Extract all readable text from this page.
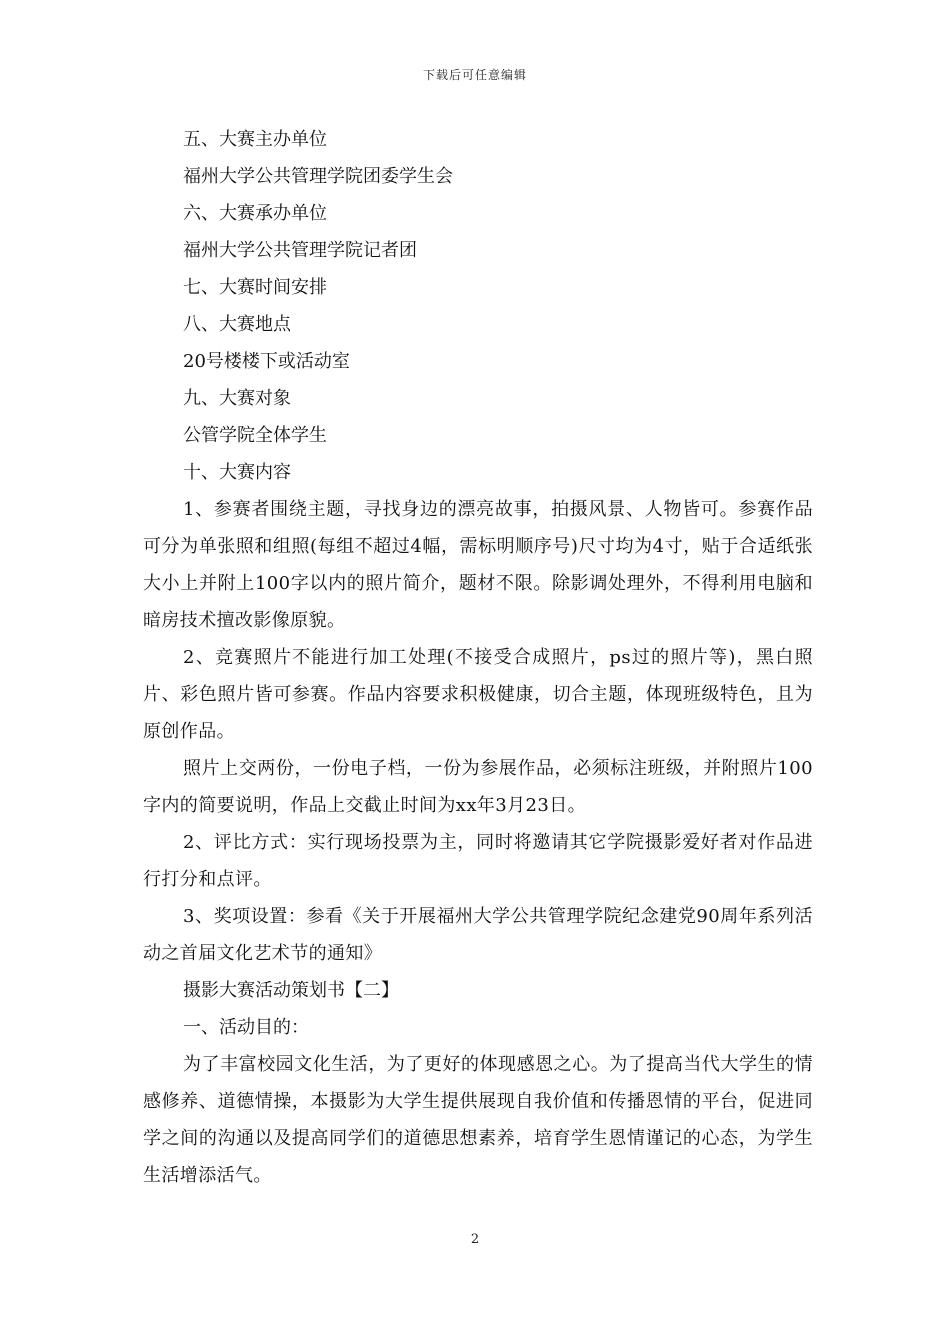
下载后可任意编辑

五、大赛主办单位

福州大学公共管理学院团委学生会

六、大赛承办单位

福州大学公共管理学院记者团

七、大赛时间安排

八、大赛地点

20号楼楼下或活动室

九、大赛对象

公管学院全体学生

十、大赛内容

1、参赛者围绕主题，寻找身边的漂亮故事，拍摄风景、人物皆可。参赛作品可分为单张照和组照(每组不超过4幅，需标明顺序号)尺寸均为4寸，贴于合适纸张大小上并附上100字以内的照片简介，题材不限。除影调处理外，不得利用电脑和暗房技术擅改影像原貌。

2、竞赛照片不能进行加工处理(不接受合成照片，ps过的照片等)，黑白照片、彩色照片皆可参赛。作品内容要求积极健康，切合主题，体现班级特色，且为原创作品。

照片上交两份，一份电子档，一份为参展作品，必须标注班级，并附照片100字内的简要说明，作品上交截止时间为xx年3月23日。

2、评比方式：实行现场投票为主，同时将邀请其它学院摄影爱好者对作品进行打分和点评。

3、奖项设置：参看《关于开展福州大学公共管理学院纪念建党90周年系列活动之首届文化艺术节的通知》

摄影大赛活动策划书【二】

一、活动目的：

为了丰富校园文化生活，为了更好的体现感恩之心。为了提高当代大学生的情感修养、道德情操，本摄影为大学生提供展现自我价值和传播恩情的平台，促进同学之间的沟通以及提高同学们的道德思想素养，培育学生恩情谨记的心态，为学生生活增添活气。

2
